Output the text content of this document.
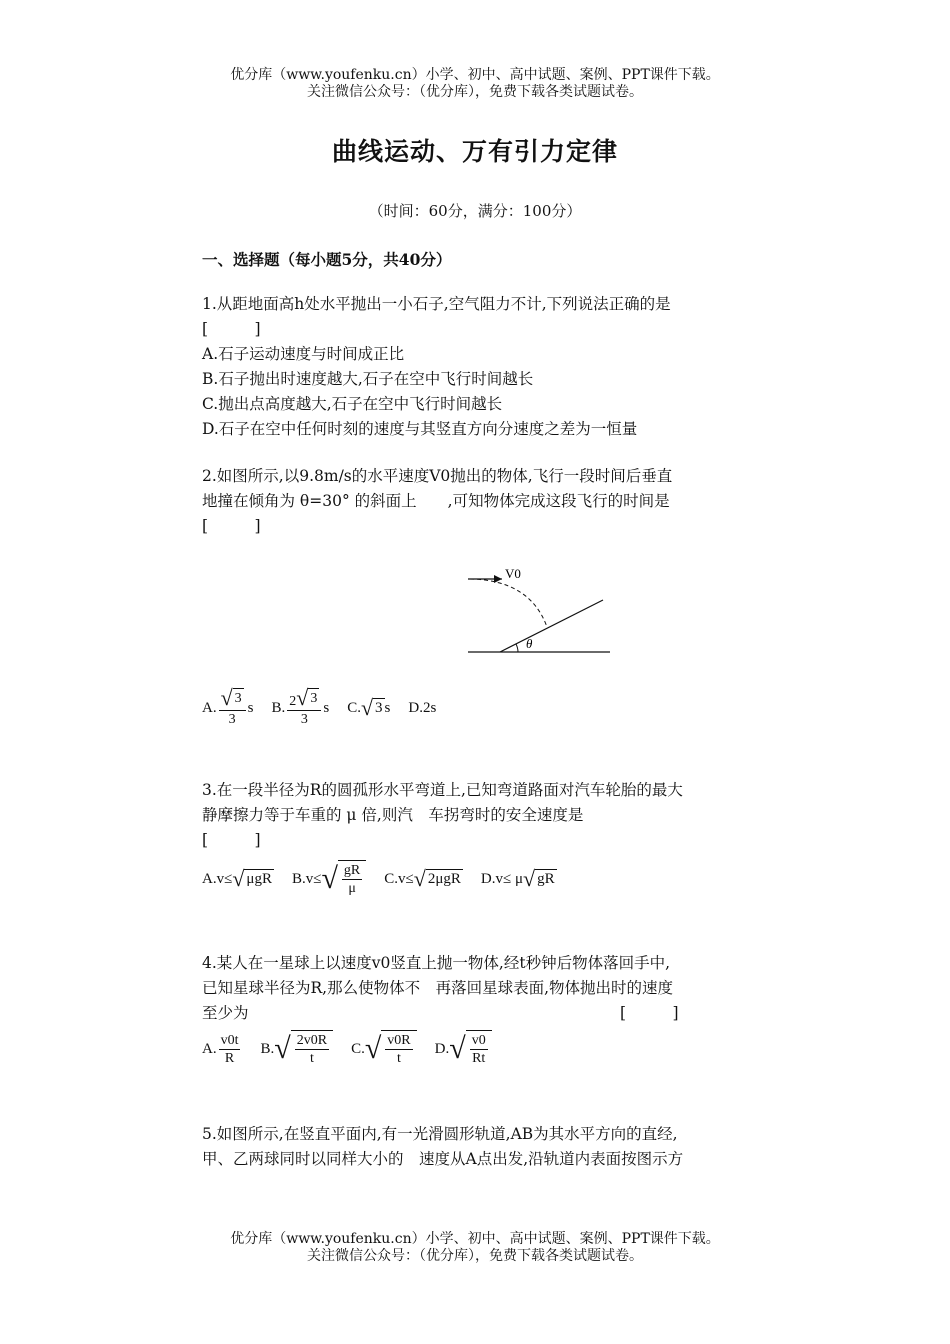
优分库（www.youfenku.cn）小学、初中、高中试题、案例、PPT课件下载。
关注微信公众号：（优分库），免费下载各类试题试卷。
曲线运动、万有引力定律
（时间：60分，满分：100分）
一、选择题（每小题5分，共40分）
1.从距地面高h处水平抛出一小石子,空气阻力不计,下列说法正确的是
[　　　]
A.石子运动速度与时间成正比
B.石子抛出时速度越大,石子在空中飞行时间越长
C.抛出点高度越大,石子在空中飞行时间越长
D.石子在空中任何时刻的速度与其竖直方向分速度之差为一恒量
2.如图所示,以9.8m/s的水平速度V0抛出的物体,飞行一段时间后垂直
地撞在倾角为 θ=30° 的斜面上　　,可知物体完成这段飞行的时间是
[　　　]
V0
θ
A. $\frac{√ 3}{3}$ s B. $\frac{2 √ 3}{3}$ s C. √ 3 s D.2s
3.在一段半径为R的圆孤形水平弯道上,已知弯道路面对汽车轮胎的最大
静摩擦力等于车重的 μ 倍,则汽　车拐弯时的安全速度是
[　　　]
A.v≤ √ μgR B.v≤ √ $\frac{gR}{\mu} C.v\le$ √ 2μgR D.v≤ μ √ gR
4.某人在一星球上以速度v0竖直上抛一物体,经t秒钟后物体落回手中,
已知星球半径为R,那么使物体不　再落回星球表面,物体抛出时的速度
至少为	[　　　]
A. $\frac{v0t}{R} B$. √ $\frac{2v0R}{t} C$. √ $\frac{v0R}{t} D$. √ $\frac{v0}{Rt}$
5.如图所示,在竖直平面内,有一光滑圆形轨道,AB为其水平方向的直经,
甲、乙两球同时以同样大小的　速度从A点出发,沿轨道内表面按图示方
优分库（www.youfenku.cn）小学、初中、高中试题、案例、PPT课件下载。
关注微信公众号：（优分库），免费下载各类试题试卷。
